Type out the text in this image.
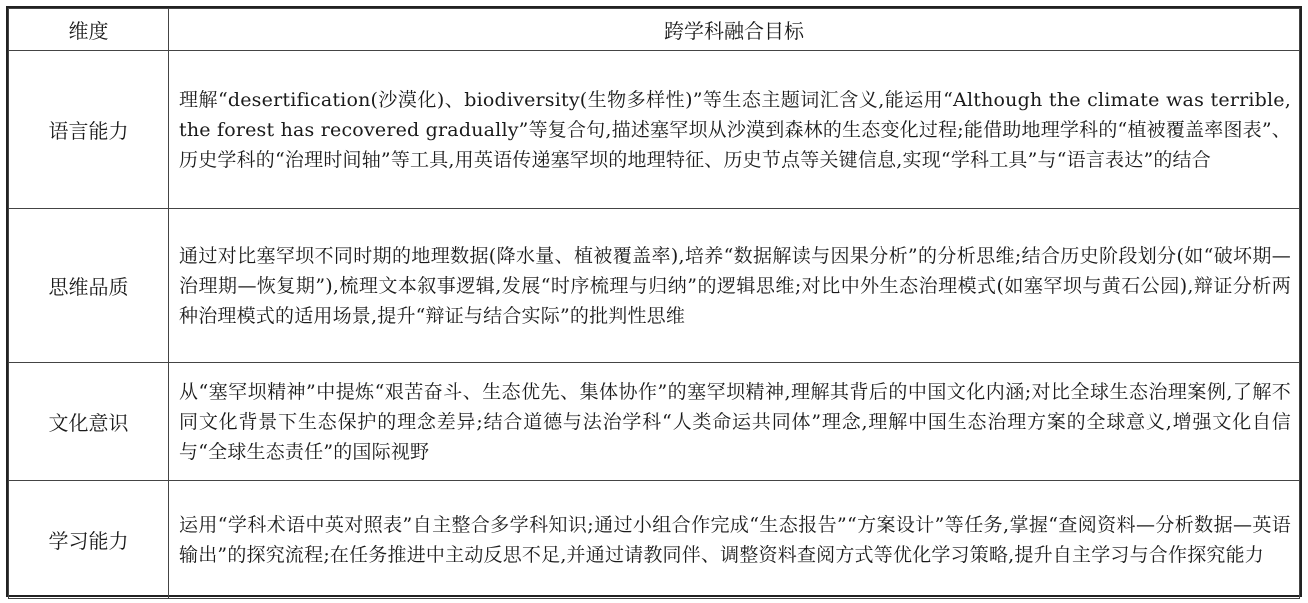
维度	跨学科融合目标
语言能力	理解“desertification(沙漠化)、biodiversity(生物多样性)”等生态主题词汇含义,能运用“Although the climate was terrible, the forest has recovered gradually”等复合句,描述塞罕坝从沙漠到森林的生态变化过程;能借助地理学科的“植被覆盖率图表”、历史学科的“治理时间轴”等工具,用英语传递塞罕坝的地理特征、历史节点等关键信息,实现“学科工具”与“语言表达”的结合
思维品质	通过对比塞罕坝不同时期的地理数据(降水量、植被覆盖率),培养“数据解读与因果分析”的分析思维;结合历史阶段划分(如“破坏期—治理期—恢复期”),梳理文本叙事逻辑,发展“时序梳理与归纳”的逻辑思维;对比中外生态治理模式(如塞罕坝与黄石公园),辩证分析两种治理模式的适用场景,提升“辩证与结合实际”的批判性思维
文化意识	从“塞罕坝精神”中提炼“艰苦奋斗、生态优先、集体协作”的塞罕坝精神,理解其背后的中国文化内涵;对比全球生态治理案例,了解不同文化背景下生态保护的理念差异;结合道德与法治学科“人类命运共同体”理念,理解中国生态治理方案的全球意义,增强文化自信与“全球生态责任”的国际视野
学习能力	运用“学科术语中英对照表”自主整合多学科知识;通过小组合作完成“生态报告”“方案设计”等任务,掌握“查阅资料—分析数据—英语输出”的探究流程;在任务推进中主动反思不足,并通过请教同伴、调整资料查阅方式等优化学习策略,提升自主学习与合作探究能力
